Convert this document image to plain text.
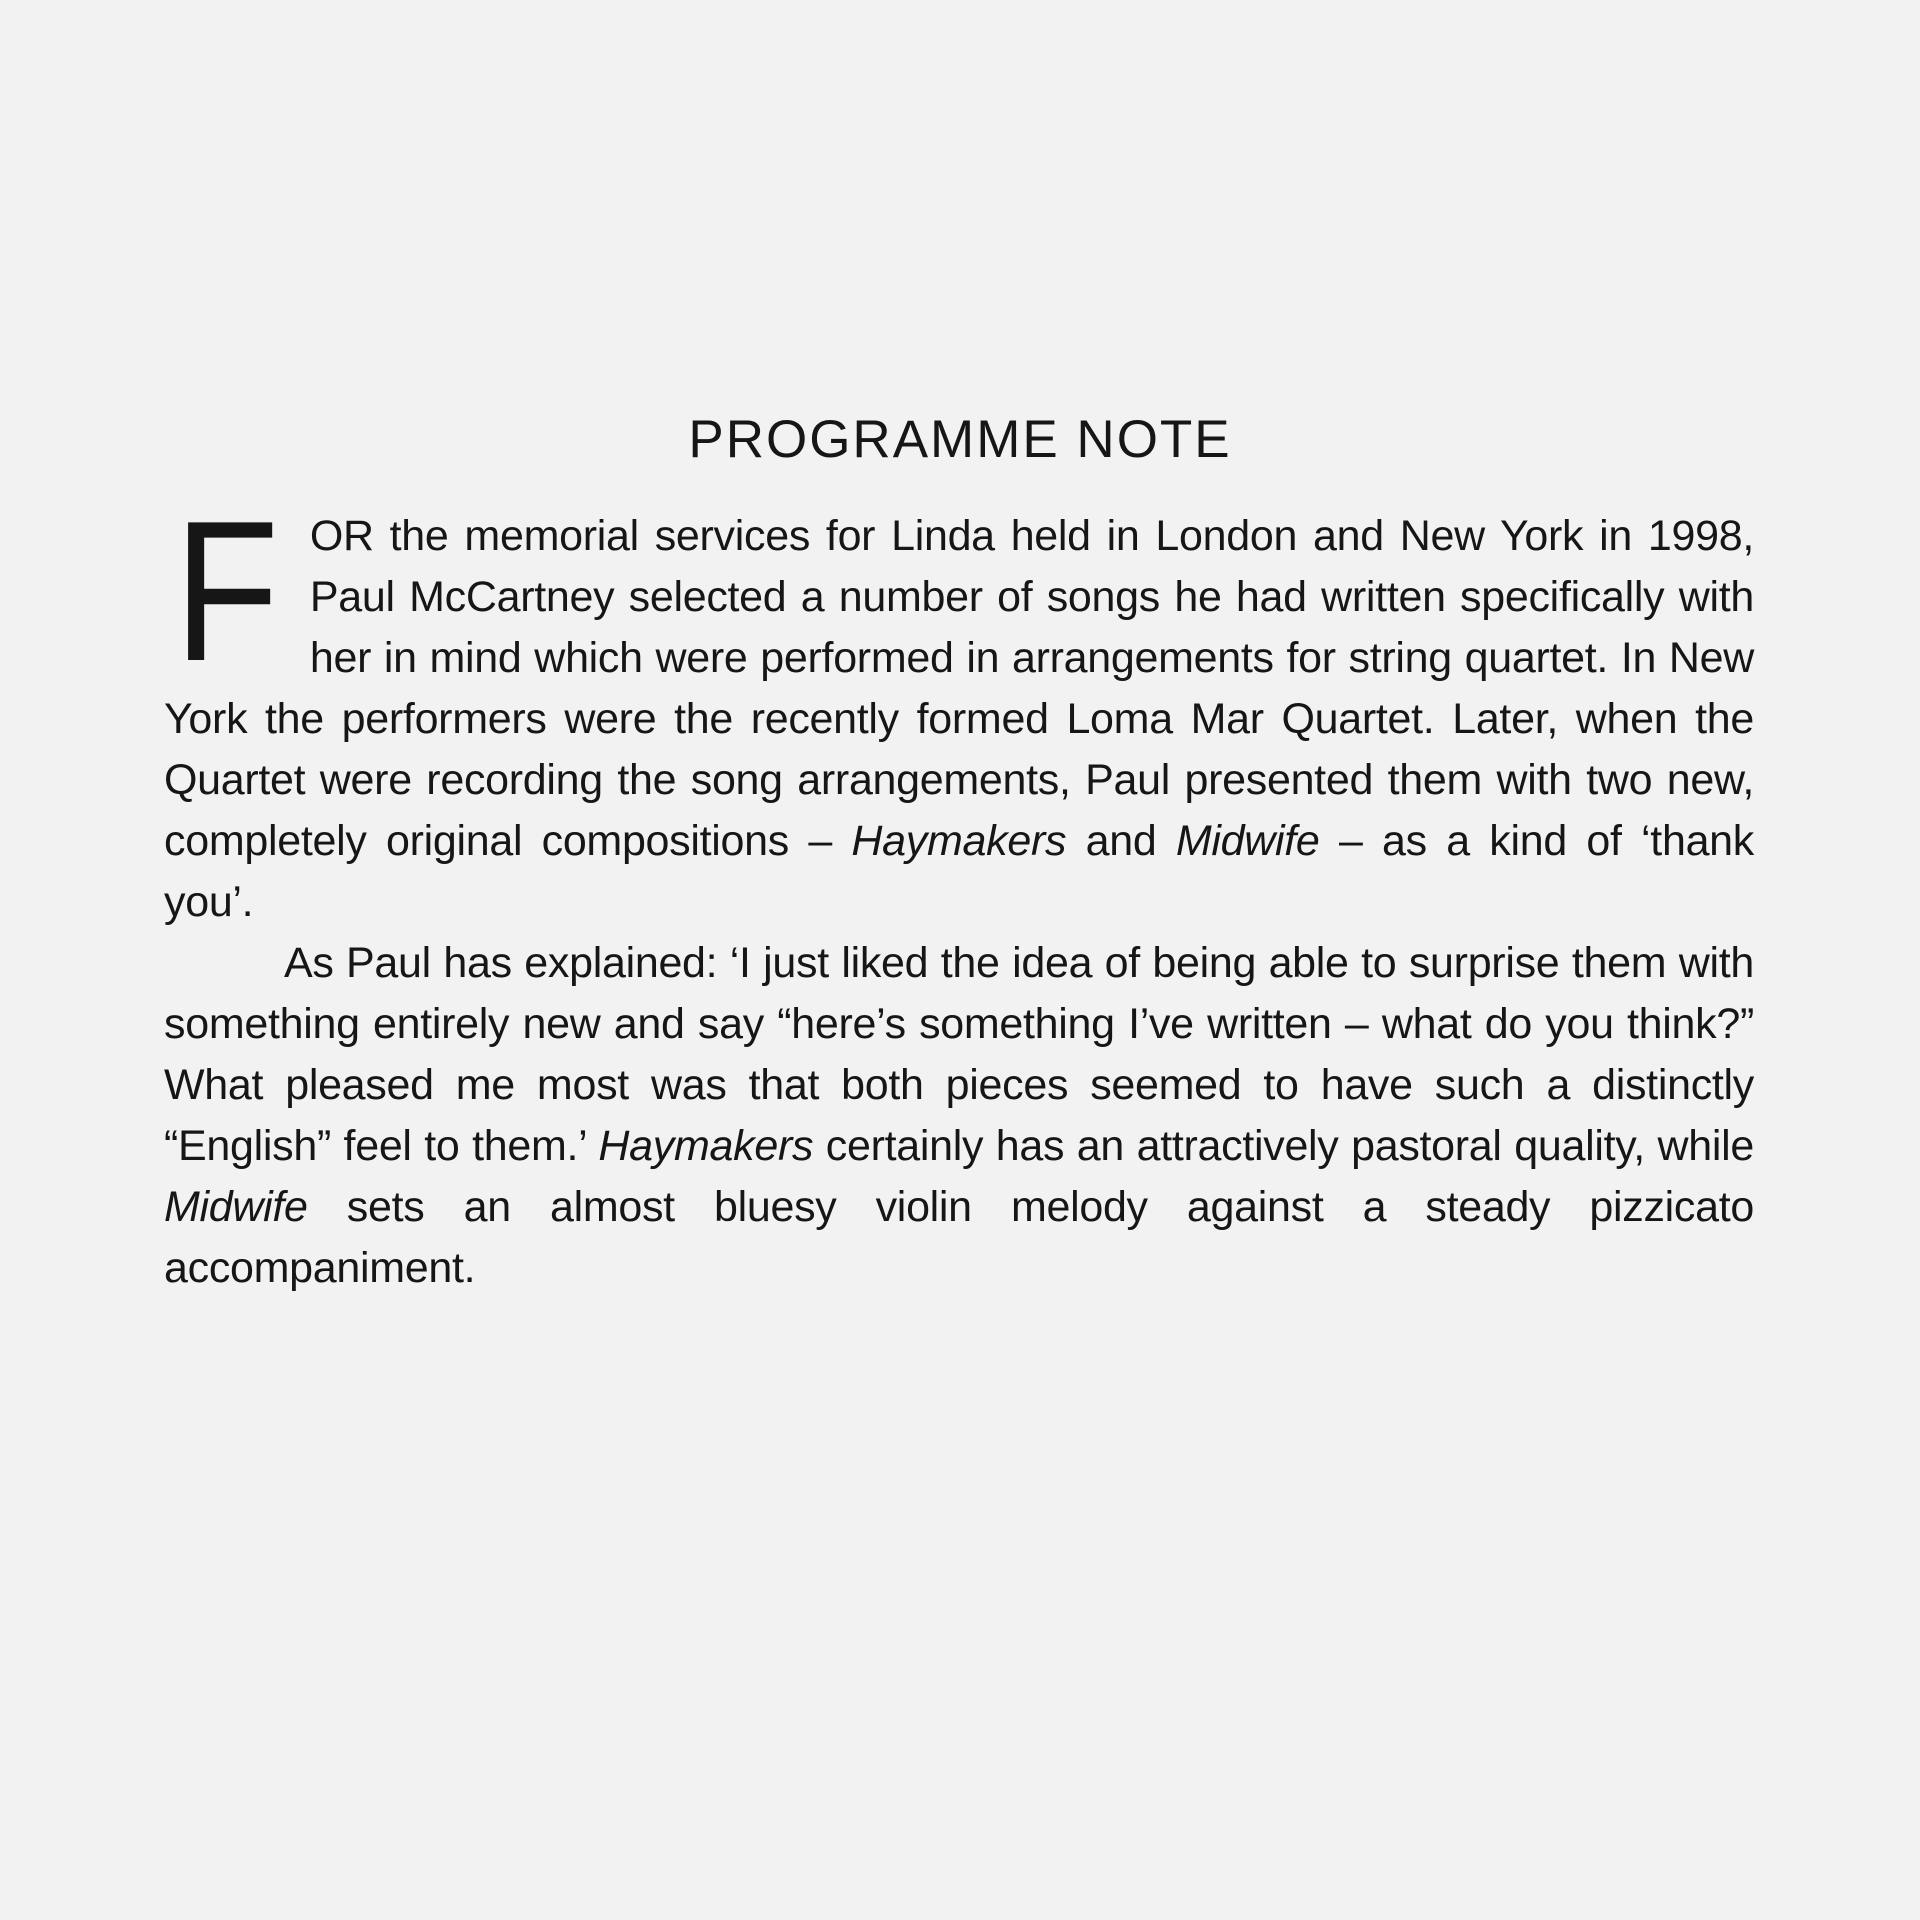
PROGRAMME NOTE

FOR the memorial services for Linda held in London and New York in 1998, Paul McCartney selected a number of songs he had written specifically with her in mind which were performed in arrangements for string quartet. In New York the performers were the recently formed Loma Mar Quartet. Later, when the Quartet were recording the song arrangements, Paul presented them with two new, completely original compositions – Haymakers and Midwife – as a kind of ‘thank you’.

As Paul has explained: ‘I just liked the idea of being able to surprise them with something entirely new and say “here’s something I’ve written – what do you think?” What pleased me most was that both pieces seemed to have such a distinctly “English” feel to them.’ Haymakers certainly has an attractively pastoral quality, while Midwife sets an almost bluesy violin melody against a steady pizzicato accompaniment.
